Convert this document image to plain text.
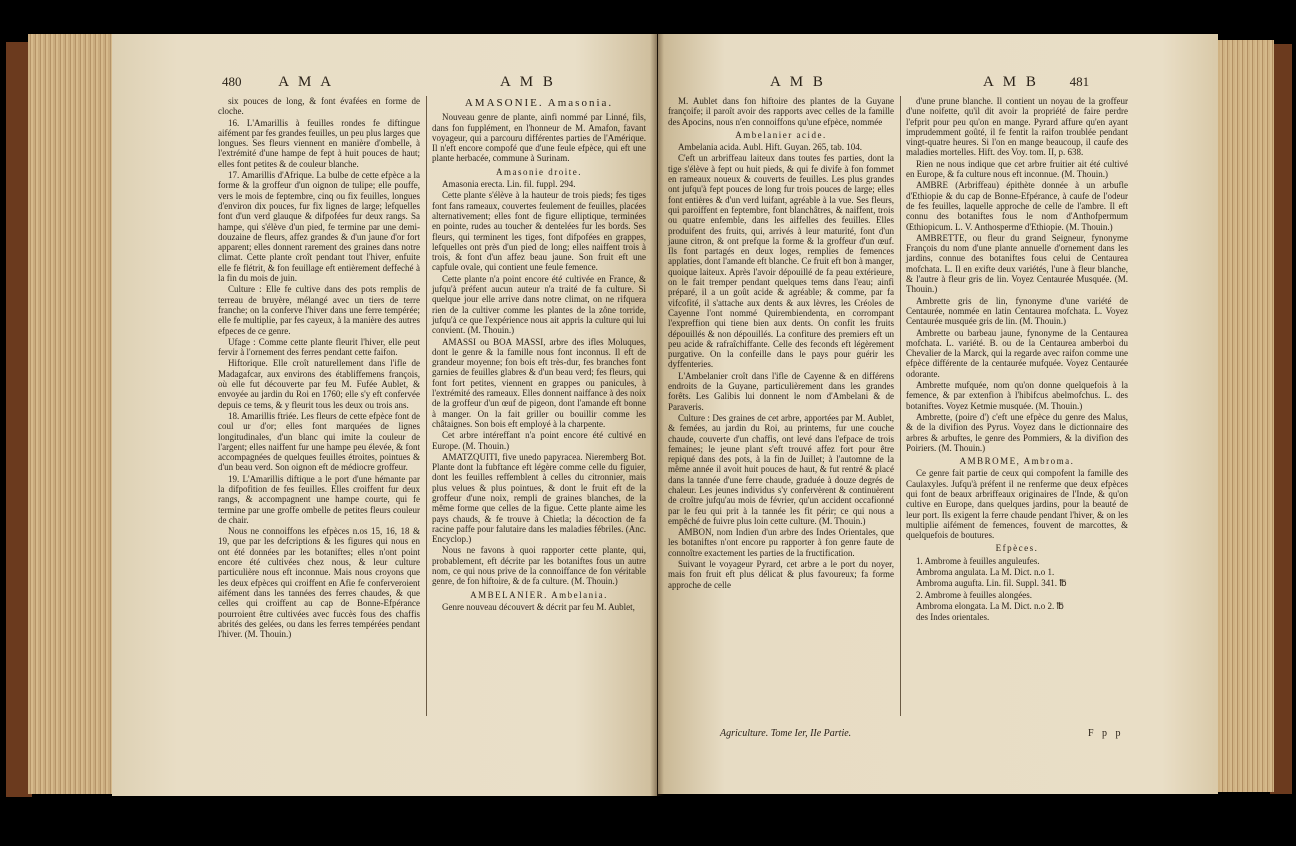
480 A M A	A M B

six pouces de long, & font évafées en forme de cloche.

16. L'Amarillis à feuilles rondes fe diftingue aifément par fes grandes feuilles, un peu plus larges que longues. Ses fleurs viennent en manière d'ombelle, à l'extrémité d'une hampe de fept à huit pouces de haut; elles font petites & de couleur blanche.

17. Amarillis d'Afrique. La bulbe de cette efpèce a la forme & la groffeur d'un oignon de tulipe; elle pouffe, vers le mois de feptembre, cinq ou fix feuilles, longues d'environ dix pouces, fur fix lignes de large; lefquelles font d'un verd glauque & difpofées fur deux rangs. Sa hampe, qui s'élève d'un pied, fe termine par une demi-douzaine de fleurs, affez grandes & d'un jaune d'or fort apparent; elles donnent rarement des graines dans notre climat. Cette plante croît pendant tout l'hiver, enfuite elle fe flétrit, & fon feuillage eft entièrement deffeché à la fin du mois de juin.

Culture : Elle fe cultive dans des pots remplis de terreau de bruyère, mélangé avec un tiers de terre franche; on la conferve l'hiver dans une ferre tempérée; elle fe multiplie, par fes cayeux, à la manière des autres efpeces de ce genre.

Ufage : Comme cette plante fleurit l'hiver, elle peut fervir à l'ornement des ferres pendant cette faifon.

Hiftorique. Elle croît naturellement dans l'ifle de Madagafcar, aux environs des établiffemens françois, où elle fut découverte par feu M. Fufée Aublet, & envoyée au jardin du Roi en 1760; elle s'y eft confervée depuis ce tems, & y fleurit tous les deux ou trois ans.

18. Amarillis ftriée. Les fleurs de cette efpèce font de coul ur d'or; elles font marquées de lignes longitudinales, d'un blanc qui imite la couleur de l'argent; elles naiffent fur une hampe peu élevée, & font accompagnées de quelques feuilles étroites, pointues & d'un beau verd. Son oignon eft de médiocre groffeur.

19. L'Amarillis diftique a le port d'une hémante par la difpofition de fes feuilles. Elles croiffent fur deux rangs, & accompagnent une hampe courte, qui fe termine par une groffe ombelle de petites fleurs couleur de chair.

Nous ne connoiffons les efpèces n.os 15, 16, 18 & 19, que par les defcriptions & les figures qui nous en ont été données par les botaniftes; elles n'ont point encore été cultivées chez nous, & leur culture particulière nous eft inconnue. Mais nous croyons que les deux efpèces qui croiffent en Afie fe conferveroient aifément dans les tannées des ferres chaudes, & que celles qui croiffent au cap de Bonne-Efpérance pourroient être cultivées avec fuccès fous des chaffis abrités des gelées, ou dans les ferres tempérées pendant l'hiver. (M. Thouin.)

AMASONIE. Amasonia.

Nouveau genre de plante, ainfi nommé par Linné, fils, dans fon fupplément, en l'honneur de M. Amafon, favant voyageur, qui a parcouru différentes parties de l'Amérique. Il n'eft encore compofé que d'une feule efpèce, qui eft une plante herbacée, commune à Surinam.

Amasonie droite.

Amasonia erecta. Lin. fil. fuppl. 294.

Cette plante s'élève à la hauteur de trois pieds; fes tiges font fans rameaux, couvertes feulement de feuilles, placées alternativement; elles font de figure elliptique, terminées en pointe, rudes au toucher & dentelées fur les bords. Ses fleurs, qui terminent les tiges, font difpofées en grappes, lefquelles ont près d'un pied de long; elles naiffent trois à trois, & font d'un affez beau jaune. Son fruit eft une capfule ovale, qui contient une feule femence.

Cette plante n'a point encore été cultivée en France, & jufqu'à préfent aucun auteur n'a traité de fa culture. Si quelque jour elle arrive dans notre climat, on ne rifquera rien de la cultiver comme les plantes de la zône torride, jufqu'à ce que l'expérience nous ait appris la culture qui lui convient. (M. Thouin.)

AMASSI ou BOA MASSI, arbre des ifles Moluques, dont le genre & la famille nous font inconnus. Il eft de grandeur moyenne; fon bois eft très-dur, fes branches font garnies de feuilles glabres & d'un beau verd; fes fleurs, qui font fort petites, viennent en grappes ou panicules, à l'extrémité des rameaux. Elles donnent naiffance à des noix de la groffeur d'un œuf de pigeon, dont l'amande eft bonne à manger. On la fait griller ou bouillir comme les châtaignes. Son bois eft employé à la charpente.

Cet arbre intéreffant n'a point encore été cultivé en Europe. (M. Thouin.)

AMATZQUITI, five unedo papyracea. Nieremberg Bot. Plante dont la fubftance eft légère comme celle du figuier, dont les feuilles reffemblent à celles du citronnier, mais plus velues & plus pointues, & dont le fruit eft de la groffeur d'une noix, rempli de graines blanches, de la même forme que celles de la figue. Cette plante aime les pays chauds, & fe trouve à Chietla; la décoction de fa racine paffe pour falutaire dans les maladies fébriles. (Anc. Encyclop.)

Nous ne favons à quoi rapporter cette plante, qui, probablement, eft décrite par les botaniftes fous un autre nom, ce qui nous prive de la connoiffance de fon véritable genre, de fon hiftoire, & de fa culture. (M. Thouin.)

AMBELANIER. Ambelania.

Genre nouveau découvert & décrit par feu M. Aublet,

A M B	A M B 481

M. Aublet dans fon hiftoire des plantes de la Guyane françoife; il paroît avoir des rapports avec celles de la famille des Apocins, nous n'en connoiffons qu'une efpèce, nommée

Ambelanier acide.

Ambelania acida. Aubl. Hift. Guyan. 265, tab. 104.

C'eft un arbriffeau laiteux dans toutes fes parties, dont la tige s'élève à fept ou huit pieds, & qui fe divife à fon fommet en rameaux noueux & couverts de feuilles. Les plus grandes ont jufqu'à fept pouces de long fur trois pouces de large; elles font entières & d'un verd luifant, agréable à la vue. Ses fleurs, qui paroiffent en feptembre, font blanchâtres, & naiffent, trois ou quatre enfemble, dans les aiffelles des feuilles. Elles produifent des fruits, qui, arrivés à leur maturité, font d'un jaune citron, & ont prefque la forme & la groffeur d'un œuf. Ils font partagés en deux loges, remplies de femences applaties, dont l'amande eft blanche. Ce fruit eft bon à manger, quoique laiteux. Après l'avoir dépouillé de fa peau extérieure, on le fait tremper pendant quelques tems dans l'eau; ainfi préparé, il a un goût acide & agréable; & comme, par fa vifcofité, il s'attache aux dents & aux lèvres, les Créoles de Cayenne l'ont nommé Quirembiendenta, en corrompant l'expreffion qui tiene bien aux dents. On confit les fruits dépouillés & non dépouillés. La confiture des premiers eft un peu acide & rafraîchiffante. Celle des feconds eft légèrement purgative. On la confeille dans le pays pour guérir les dyffenteries.

L'Ambelanier croît dans l'ifle de Cayenne & en différens endroits de la Guyane, particulièrement dans les grandes forêts. Les Galibis lui donnent le nom d'Ambelani & de Paraveris.

Culture : Des graines de cet arbre, apportées par M. Aublet, & femées, au jardin du Roi, au printems, fur une couche chaude, couverte d'un chaffis, ont levé dans l'efpace de trois femaines; le jeune plant s'eft trouvé affez fort pour être repiqué dans des pots, à la fin de Juillet; à l'automne de la même année il avoit huit pouces de haut, & fut rentré & placé dans la tannée d'une ferre chaude, graduée à douze degrés de chaleur. Les jeunes individus s'y confervèrent & continuèrent de croître jufqu'au mois de février, qu'un accident occafionné par le feu qui prit à la tannée les fit périr; ce qui nous a empêché de fuivre plus loin cette culture. (M. Thouin.)

AMBON, nom Indien d'un arbre des Indes Orientales, que les botaniftes n'ont encore pu rapporter à fon genre faute de connoître exactement les parties de la fructification.

Suivant le voyageur Pyrard, cet arbre a le port du noyer, mais fon fruit eft plus délicat & plus favoureux; fa forme approche de celle

d'une prune blanche. Il contient un noyau de la groffeur d'une noifette, qu'il dit avoir la propriété de faire perdre l'efprit pour peu qu'on en mange. Pyrard affure qu'en ayant imprudemment goûté, il fe fentit la raifon troublée pendant vingt-quatre heures. Si l'on en mange beaucoup, il caufe des maladies mortelles. Hift. des Voy. tom. II, p. 638.

Rien ne nous indique que cet arbre fruitier ait été cultivé en Europe, & fa culture nous eft inconnue. (M. Thouin.)

AMBRE (Arbriffeau) épithète donnée à un arbufle d'Ethiopie & du cap de Bonne-Efpérance, à caufe de l'odeur de fes feuilles, laquelle approche de celle de l'ambre. Il eft connu des botaniftes fous le nom d'Anthofpermum Œthiopicum. L. V. Anthospermе d'Ethiopie. (M. Thouin.)

AMBRETTE, ou fleur du grand Seigneur, fynonyme François du nom d'une plante annuelle d'ornement dans les jardins, connue des botaniftes fous celui de Centaurea mofchata. L. Il en exifte deux variétés, l'une à fleur blanche, & l'autre à fleur gris de lin. Voyez Centaurée Musquée. (M. Thouin.)

Ambrette gris de lin, fynonyme d'une variété de Centaurée, nommée en latin Centaurea mofchata. L. Voyez Centaurée musquée gris de lin. (M. Thouin.)

Ambrette ou barbeau jaune, fynonyme de la Centaurea mofchata. L. variété. B. ou de la Centaurea amberboi du Chevalier de la Marck, qui la regarde avec raifon comme une efpèce différente de la centaurée mufquée. Voyez Centaurée odorante.

Ambrette mufquée, nom qu'on donne quelquefois à la femence, & par extenfion à l'hibifcus abelmofchus. L. des botaniftes. Voyez Ketmie musquée. (M. Thouin.)

Ambrette, (poire d') c'eft une efpèce du genre des Malus, & de la divifion des Pyrus. Voyez dans le dictionnaire des arbres & arbuftes, le genre des Pommiers, & la divifion des Poiriers. (M. Thouin.)

AMBROME, Ambroma.

Ce genre fait partie de ceux qui compofent la famille des Caulaxyles. Jufqu'à préfent il ne renferme que deux efpèces qui font de beaux arbriffeaux originaires de l'Inde, & qu'on cultive en Europe, dans quelques jardins, pour la beauté de leur port. Ils exigent la ferre chaude pendant l'hiver, & on les multiplie aifément de femences, fouvent de marcottes, & quelquefois de boutures.

Efpèces.

1. Ambrome à feuilles anguleufes.

Ambroma angulata. La M. Dict. n.o 1.

Ambroma augufta. Lin. fil. Suppl. 341. ℔

2. Ambrome à feuilles alongées.

Ambroma elongata. La M. Dict. n.o 2. ℔

des Indes orientales.

Agriculture. Tome Ier, IIe Partie.	F p p
